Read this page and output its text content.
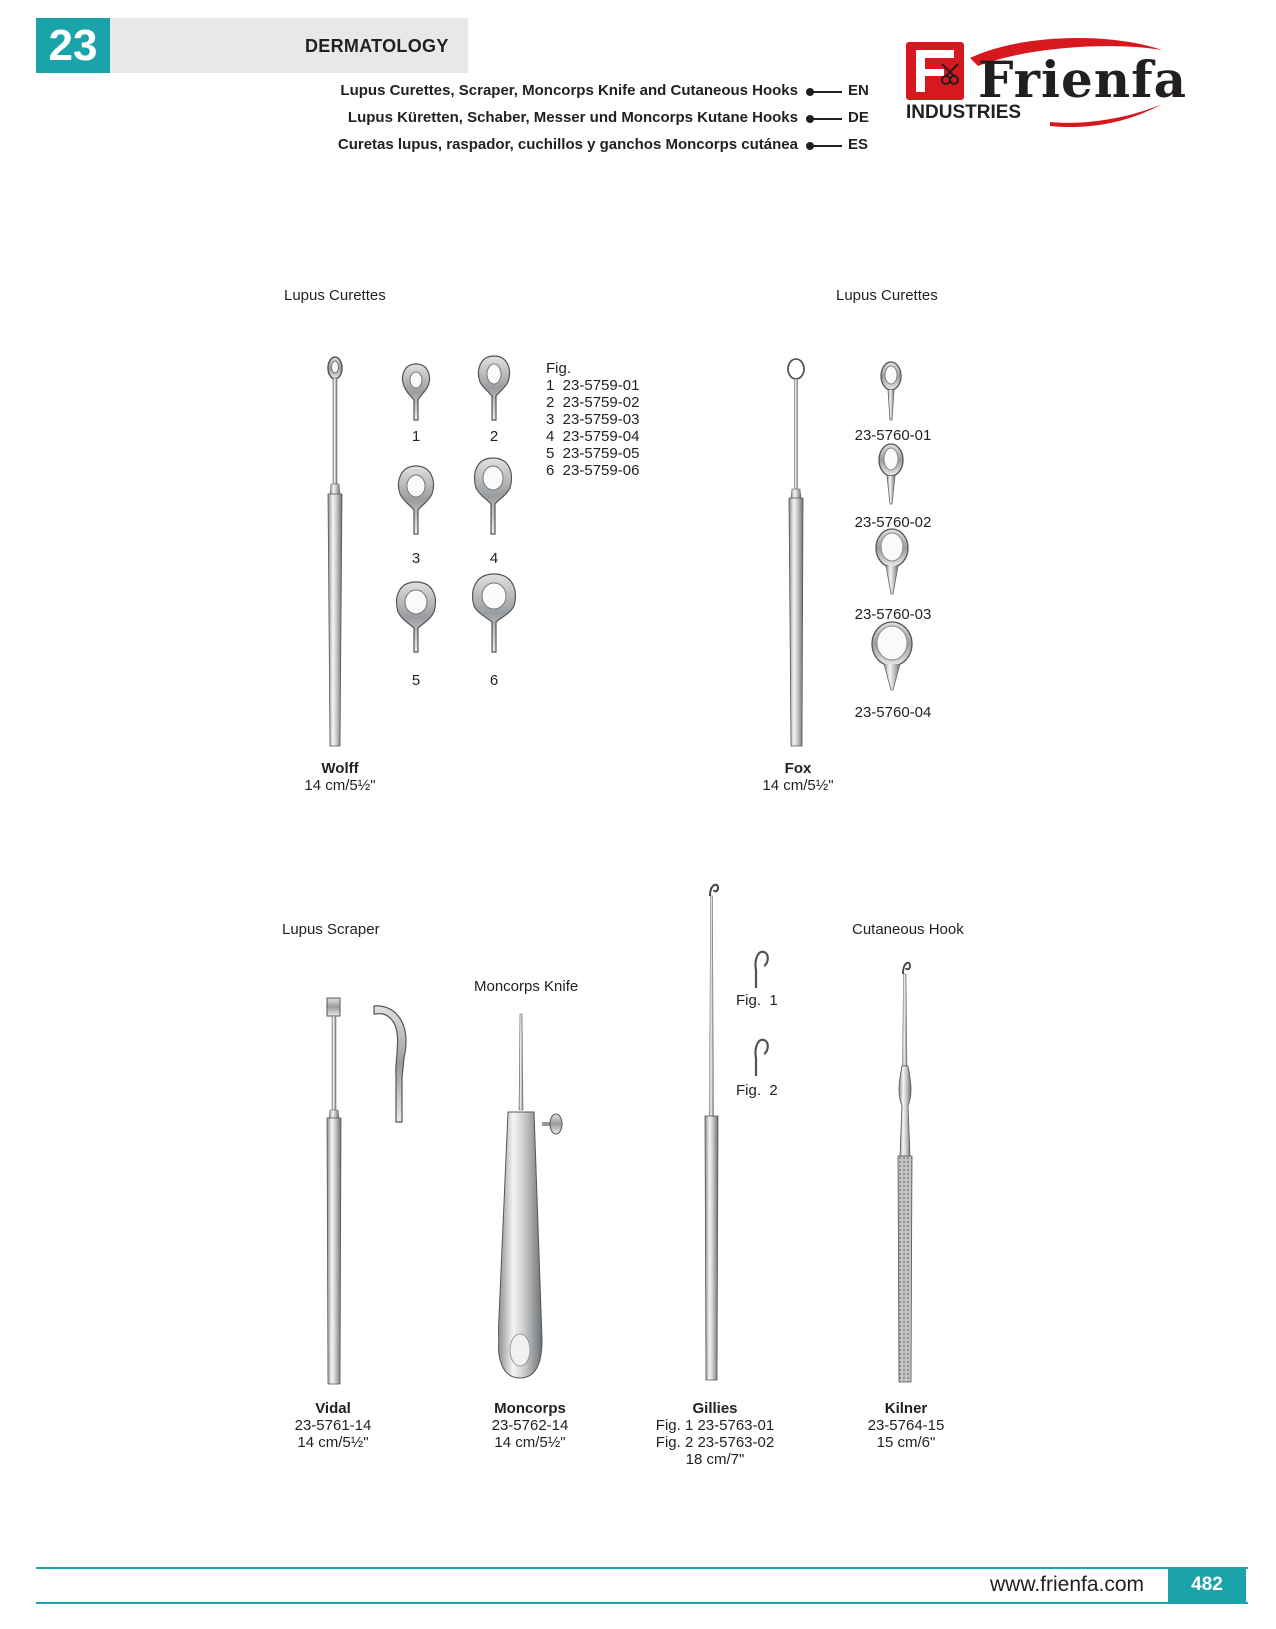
23	DERMATOLOGY
Lupus Curettes, Scraper, Moncorps Knife and Cutaneous Hooks	EN
Lupus Küretten, Schaber, Messer und Moncorps Kutane Hooks	DE
Curetas lupus, raspador, cuchillos y ganchos Moncorps cutánea	ES
Frienfa
INDUSTRIES
Lupus Curettes	Lupus Curettes
Lupus Scraper
Moncorps Knife
Cutaneous Hook
Wolff
14 cm/5½"
1	2
3	4
5	6
Fig.
1  23-5759-01
2  23-5759-02
3  23-5759-03
4  23-5759-04
5  23-5759-05
6  23-5759-06
Fox
14 cm/5½"
23-5760-01
23-5760-02
23-5760-03
23-5760-04
Vidal
23-5761-14
14 cm/5½"
Moncorps
23-5762-14
14 cm/5½"
Fig.  1
Fig.  2
Gillies
Fig. 1 23-5763-01
Fig. 2 23-5763-02
18 cm/7"
Kilner
23-5764-15
15 cm/6"
www.frienfa.com	482
